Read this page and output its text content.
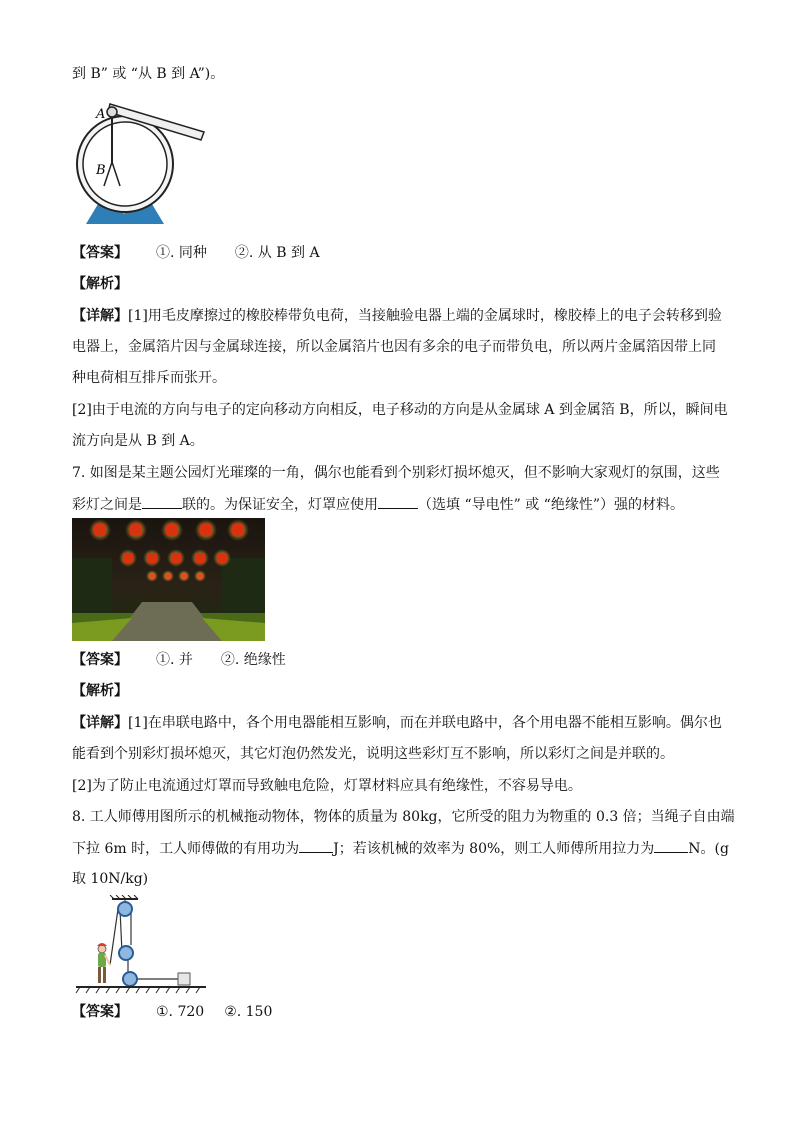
到 B” 或 “从 B 到 A”)。
A
B
【答案】 ①. 同种 ②. 从 B 到 A
【解析】
【详解】[1]用毛皮摩擦过的橡胶棒带负电荷，当接触验电器上端的金属球时，橡胶棒上的电子会转移到验
电器上，金属箔片因与金属球连接，所以金属箔片也因有多余的电子而带负电，所以两片金属箔因带上同
种电荷相互排斥而张开。
[2]由于电流的方向与电子的定向移动方向相反，电子移动的方向是从金属球 A 到金属箔 B，所以，瞬间电
流方向是从 B 到 A。
7. 如图是某主题公园灯光璀璨的一角，偶尔也能看到个别彩灯损坏熄灭，但不影响大家观灯的氛围，这些
彩灯之间是	联的。为保证安全，灯罩应使用	（选填 “导电性” 或 “绝缘性”）强的材料。
【答案】 ①. 并 ②. 绝缘性
【解析】
【详解】[1]在串联电路中，各个用电器能相互影响，而在并联电路中，各个用电器不能相互影响。偶尔也
能看到个别彩灯损坏熄灭，其它灯泡仍然发光，说明这些彩灯互不影响，所以彩灯之间是并联的。
[2]为了防止电流通过灯罩而导致触电危险，灯罩材料应具有绝缘性，不容易导电。
8. 工人师傅用图所示的机械拖动物体，物体的质量为 80kg，它所受的阻力为物重的 0.3 倍；当绳子自由端
下拉 6m 时，工人师傅做的有用功为 J；若该机械的效率为 80%，则工人师傅所用拉力为 N。(g
取 10N/kg)
【答案】 ①. 720 ②. 150
